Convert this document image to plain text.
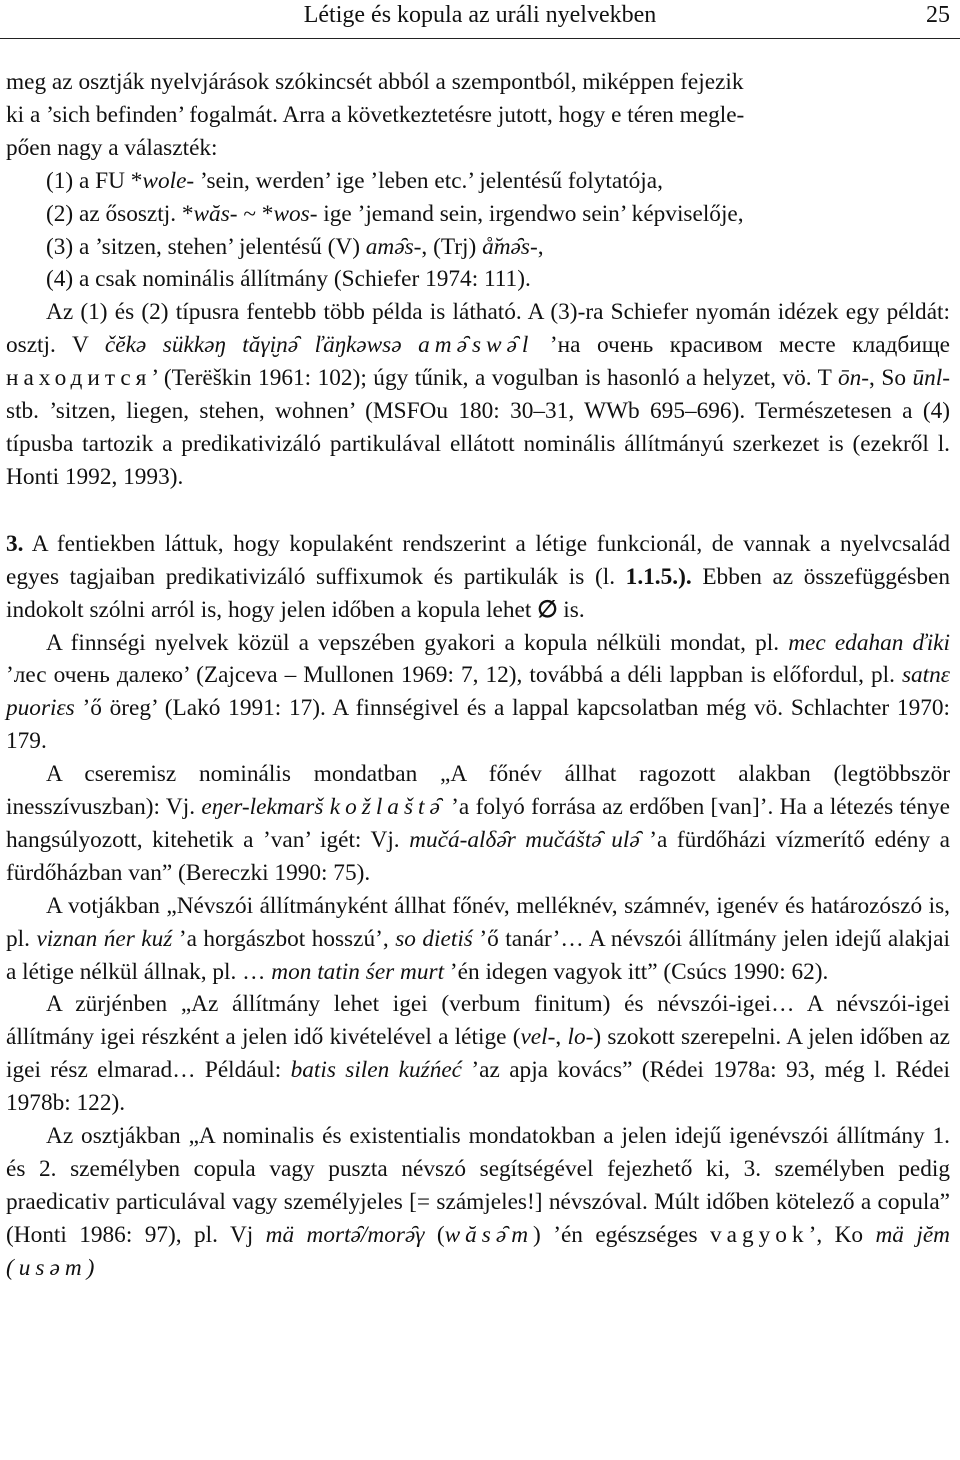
Létige és kopula az uráli nyelvekben	25
meg az osztják nyelvjárások szókincsét abból a szempontból, miképpen fejezik
ki a ’sich befinden’ fogalmát. Arra a következtetésre jutott, hogy e téren megle-
pően nagy a választék:
(1) a FU *wole- ’sein, werden’ ige ’leben etc.’ jelentésű folytatója,
(2) az ősosztj. *wăs- ~ *wos- ige ’jemand sein, irgendwo sein’ képviselője,
(3) a ’sitzen, stehen’ jelentésű (V) amə̑s-, (Trj) å̆mə̑s-,
(4) a csak nominális állítmány (Schiefer 1974: 111).
Az (1) és (2) típusra fentebb több példa is látható. A (3)-ra Schiefer nyomán idézek egy példát: osztj. V čĕkə sükkəŋ tăγi̮nə̑ ľäŋkəwsə amə̑swə̑l ’на очень красивом месте кладбище находится’ (Terëškin 1961: 102); úgy tűnik, a vogulban is hasonló a helyzet, vö. T ōn-, So ūnl- stb. ’sitzen, liegen, stehen, wohnen’ (MSFOu 180: 30–31, WWb 695–696). Természetesen a (4) típusba tartozik a predikativizáló partikulával ellátott nominális állítmányú szerkezet is (ezekről l. Honti 1992, 1993).
3. A fentiekben láttuk, hogy kopulaként rendszerint a létige funkcionál, de vannak a nyelvcsalád egyes tagjaiban predikativizáló suffixumok és partikulák is (l. 1.1.5.). Ebben az összefüggésben indokolt szólni arról is, hogy jelen időben a kopula lehet ∅ is.
A finnségi nyelvek közül a vepszében gyakori a kopula nélküli mondat, pl. mec edahan ďiki ’лес очень далеко’ (Zajceva – Mullonen 1969: 7, 12), továbbá a déli lappban is előfordul, pl. satnε puoriεs ’ő öreg’ (Lakó 1991: 17). A finnségivel és a lappal kapcsolatban még vö. Schlachter 1970: 179.
A cseremisz nominális mondatban „A főnév állhat ragozott alakban (legtöbbször inesszívuszban): Vj. eŋer-lekmarš kožlaštə̑ ’a folyó forrása az erdőben [van]’. Ha a létezés ténye hangsúlyozott, kitehetik a ’van’ igét: Vj. mučá-alδə̑r mučáštə̑ ulə̑ ’a fürdőházi vízmerítő edény a fürdőházban van” (Bereczki 1990: 75).
A votjákban „Névszói állítmányként állhat főnév, melléknév, számnév, igenév és határozószó is, pl. viznan ńer kuź ’a horgászbot hosszú’, so dietiś ’ő tanár’… A névszói állítmány jelen idejű alakjai a létige nélkül állnak, pl. … mon tatin śer murt ’én idegen vagyok itt” (Csúcs 1990: 62).
A zürjénben „Az állítmány lehet igei (verbum finitum) és névszói-igei… A névszói-igei állítmány igei részként a jelen idő kivételével a létige (vel-, lo-) szokott szerepelni. A jelen időben az igei rész elmarad… Például: batis silen kuźńeć ’az apja kovács” (Rédei 1978a: 93, még l. Rédei 1978b: 122).
Az osztjákban „A nominalis és existentialis mondatokban a jelen idejű igenévszói állítmány 1. és 2. személyben copula vagy puszta névszó segítségével fejezhető ki, 3. személyben pedig praedicativ particulával vagy személyjeles [= számjeles!] névszóval. Múlt időben kötelező a copula” (Honti 1986: 97), pl. Vj mä mortə̑/morə̑γ (wăsə̑m) ’én egészséges vagyok’, Ko mä jĕm (usəm)
